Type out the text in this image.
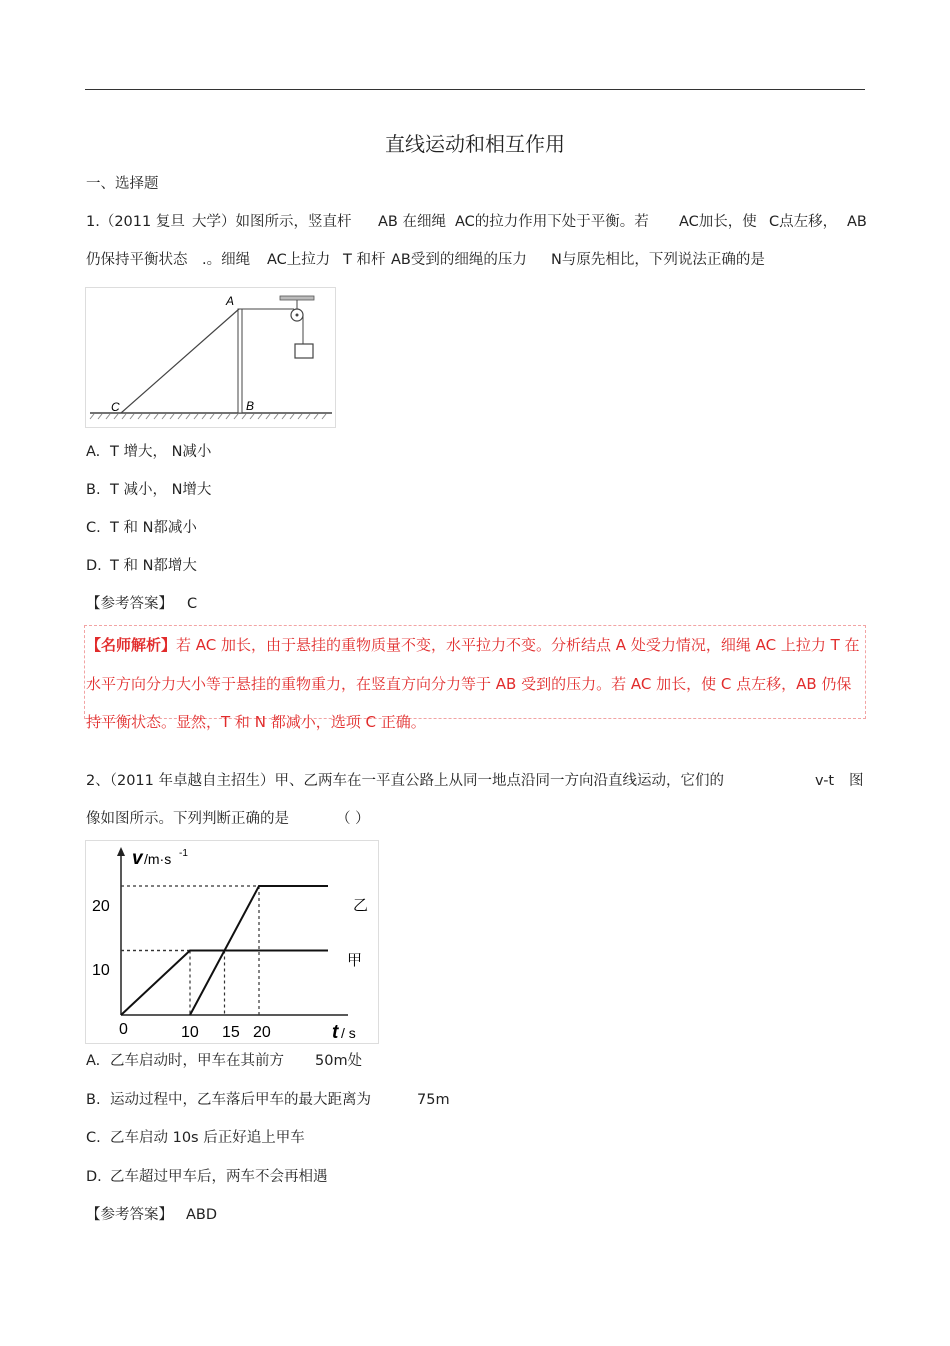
直线运动和相互作用
一、选择题
1.（2011 复旦 大学）如图所示，竖直杆 AB 在细绳 AC的拉力作用下处于平衡。若 AC加长，使 C点左移， AB
仍保持平衡状态 .。细绳 AC上拉力 T 和杆 AB受到的细绳的压力 N与原先相比，下列说法正确的是
A
B
C
A. T 增大， N减小
B. T 减小， N增大
C. T 和 N都减小
D. T 和 N都增大
【参考答案】 C
【名师解析】若 AC 加长，由于悬挂的重物质量不变，水平拉力不变。分析结点 A 处受力情况，细绳 AC 上拉力 T 在水平方向分力大小等于悬挂的重物重力，在竖直方向分力等于 AB 受到的压力。若 AC 加长，使 C 点左移，AB 仍保持平衡状态。显然，T 和 N 都减小，选项 C 正确。
2、（2011 年卓越自主招生）甲、乙两车在一平直公路上从同一地点沿同一方向沿直线运动，它们的	v-t 图
像如图所示。下列判断正确的是	（ ）
v /m·s -1
t / s
20
10
0	10 15 20
乙
甲
A. 乙车启动时，甲车在其前方 50m处
B. 运动过程中，乙车落后甲车的最大距离为	75m
C. 乙车启动 10s 后正好追上甲车
D. 乙车超过甲车后，两车不会再相遇
【参考答案】 ABD
